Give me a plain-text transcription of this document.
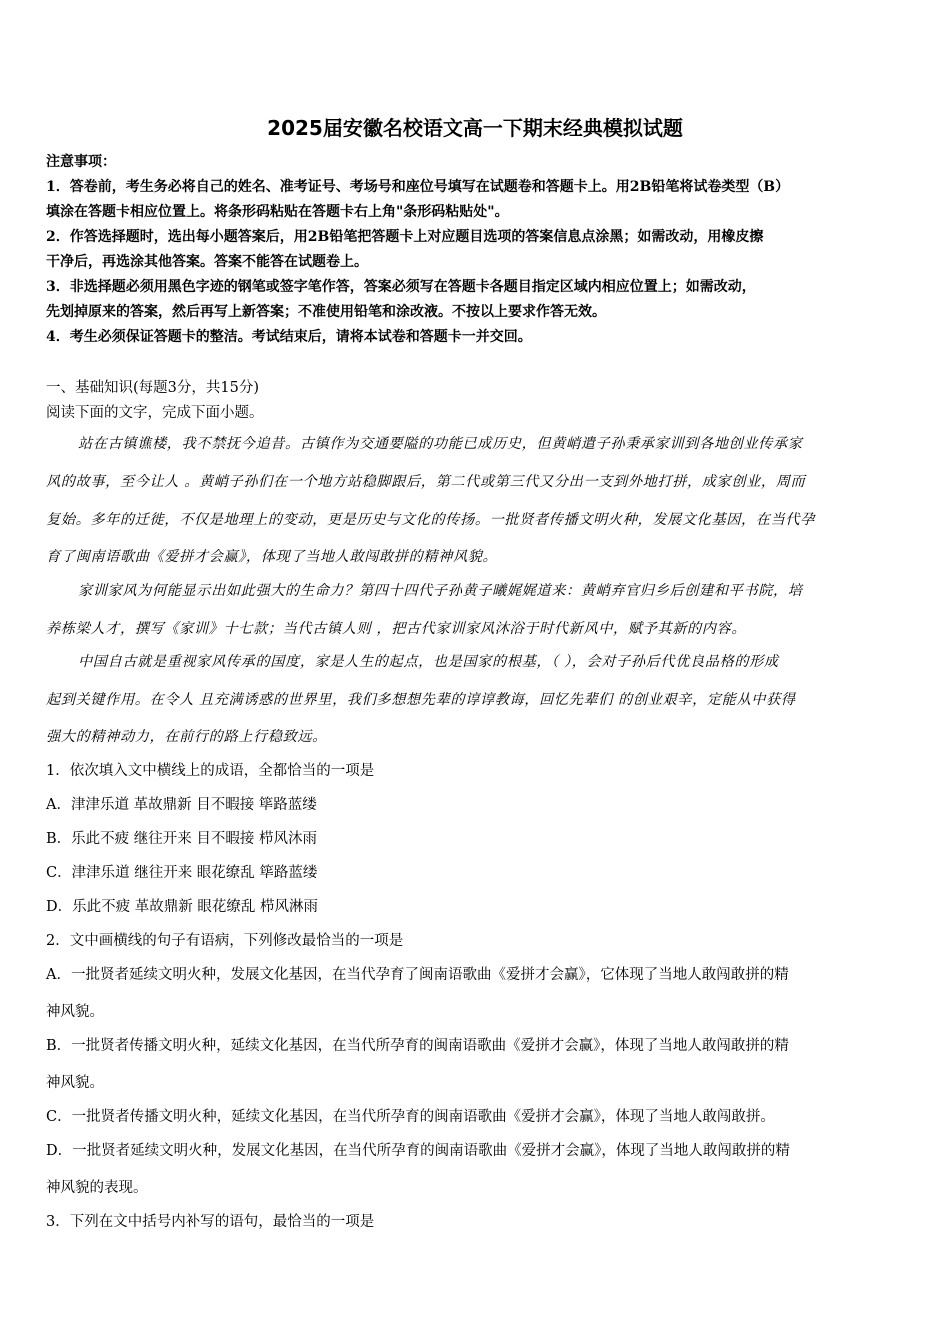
2025届安徽名校语文高一下期末经典模拟试题

注意事项：

1．答卷前，考生务必将自己的姓名、准考证号、考场号和座位号填写在试题卷和答题卡上。用2B铅笔将试卷类型（B）

填涂在答题卡相应位置上。将条形码粘贴在答题卡右上角"条形码粘贴处"。

2．作答选择题时，选出每小题答案后，用2B铅笔把答题卡上对应题目选项的答案信息点涂黑；如需改动，用橡皮擦

干净后，再选涂其他答案。答案不能答在试题卷上。

3．非选择题必须用黑色字迹的钢笔或签字笔作答，答案必须写在答题卡各题目指定区域内相应位置上；如需改动，

先划掉原来的答案，然后再写上新答案；不准使用铅笔和涂改液。不按以上要求作答无效。

4．考生必须保证答题卡的整洁。考试结束后，请将本试卷和答题卡一并交回。

一、基础知识(每题3分，共15分)
阅读下面的文字，完成下面小题。
站在古镇谯楼，我不禁抚今追昔。古镇作为交通要隘的功能已成历史，但黄峭遣子孙秉承家训到各地创业传承家
风的故事，至今让人 。黄峭子孙们在一个地方站稳脚跟后，第二代或第三代又分出一支到外地打拼，成家创业，周而
复始。多年的迁徙，不仅是地理上的变动，更是历史与文化的传扬。一批贤者传播文明火种，发展文化基因，在当代孕
育了闽南语歌曲《爱拼才会赢》，体现了当地人敢闯敢拼的精神风貌。
家训家风为何能显示出如此强大的生命力？第四十四代子孙黄子曦娓娓道来：黄峭弃官归乡后创建和平书院，培
养栋梁人才，撰写《家训》十七款；当代古镇人则 ，把古代家训家风沐浴于时代新风中，赋予其新的内容。
中国自古就是重视家风传承的国度，家是人生的起点，也是国家的根基，（ ），会对子孙后代优良品格的形成
起到关键作用。在令人 且充满诱惑的世界里，我们多想想先辈的谆谆教诲，回忆先辈们 的创业艰辛，定能从中获得
强大的精神动力，在前行的路上行稳致远。
1．依次填入文中横线上的成语，全都恰当的一项是
A．津津乐道 革故鼎新 目不暇接 筚路蓝缕
B．乐此不疲 继往开来 目不暇接 栉风沐雨
C．津津乐道 继往开来 眼花缭乱 筚路蓝缕
D．乐此不疲 革故鼎新 眼花缭乱 栉风淋雨
2．文中画横线的句子有语病，下列修改最恰当的一项是
A．一批贤者延续文明火种，发展文化基因，在当代孕育了闽南语歌曲《爱拼才会赢》，它体现了当地人敢闯敢拼的精
神风貌。
B．一批贤者传播文明火种，延续文化基因，在当代所孕育的闽南语歌曲《爱拼才会赢》，体现了当地人敢闯敢拼的精
神风貌。
C．一批贤者传播文明火种，延续文化基因，在当代所孕育的闽南语歌曲《爱拼才会赢》，体现了当地人敢闯敢拼。
D．一批贤者延续文明火种，发展文化基因，在当代所孕育的闽南语歌曲《爱拼才会赢》，体现了当地人敢闯敢拼的精
神风貌的表现。
3．下列在文中括号内补写的语句，最恰当的一项是
